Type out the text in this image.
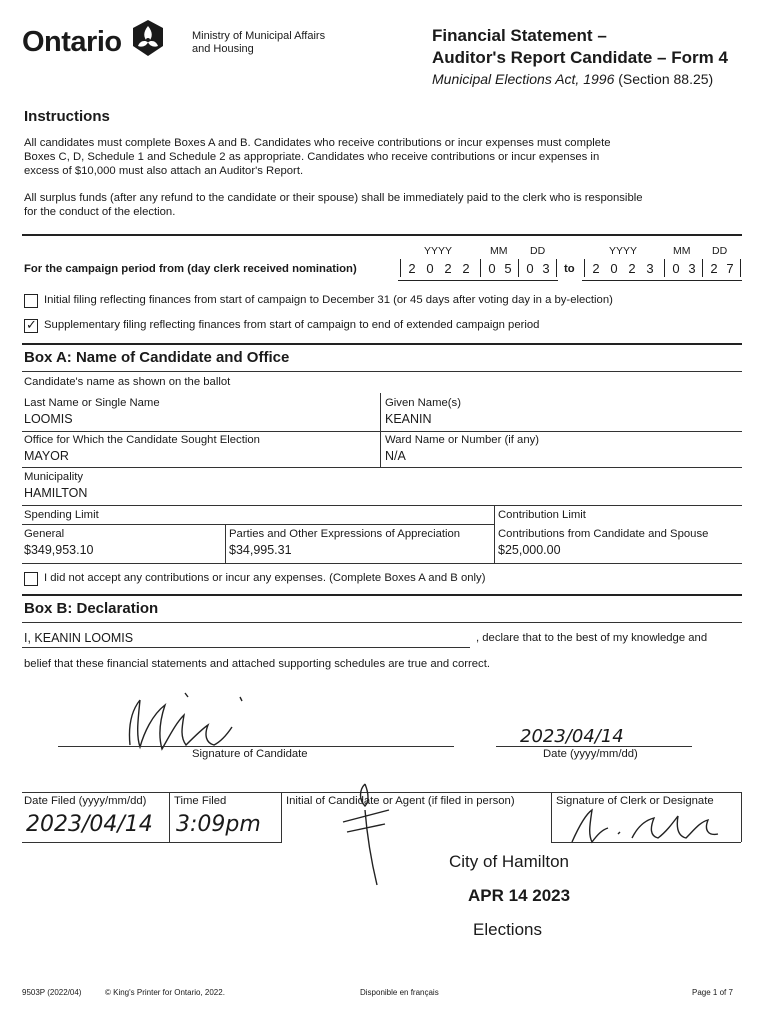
Ontario	Ministry of Municipal Affairs
and Housing
Financial Statement –
Auditor's Report Candidate – Form 4
Municipal Elections Act, 1996 (Section 88.25)
Instructions
All candidates must complete Boxes A and B. Candidates who receive contributions or incur expenses must complete
Boxes C, D, Schedule 1 and Schedule 2 as appropriate. Candidates who receive contributions or incur expenses in
excess of $10,000 must also attach an Auditor's Report.
All surplus funds (after any refund to the candidate or their spouse) shall be immediately paid to the clerk who is responsible
for the conduct of the election.
YYYY	MM DD	YYYY	MM DD
For the campaign period from (day clerk received nomination)	2 0 2 2	0 5	0 3	to	2 0 2 3	0 3	2 7
Initial filing reflecting finances from start of campaign to December 31 (or 45 days after voting day in a by-election)
✓ Supplementary filing reflecting finances from start of campaign to end of extended campaign period
Box A: Name of Candidate and Office
Candidate's name as shown on the ballot
Last Name or Single Name
LOOMIS
Given Name(s)
KEANIN
Office for Which the Candidate Sought Election
MAYOR
Ward Name or Number (if any)
N/A
Municipality
HAMILTON
Spending Limit	Contribution Limit
General
$349,953.10
Parties and Other Expressions of Appreciation
$34,995.31
Contributions from Candidate and Spouse
$25,000.00
I did not accept any contributions or incur any expenses. (Complete Boxes A and B only)
Box B: Declaration
I, KEANIN LOOMIS	, declare that to the best of my knowledge and
belief that these financial statements and attached supporting schedules are true and correct.
Signature of Candidate
2023/04/14
Date (yyyy/mm/dd)
Date Filed (yyyy/mm/dd)
2023/04/14
Time Filed
3:09pm
Initial of Candidate or Agent (if filed in person)	Signature of Clerk or Designate
City of Hamilton
APR 14 2023
Elections
9503P (2022/04)	© King's Printer for Ontario, 2022.	Disponible en français	Page 1 of 7
